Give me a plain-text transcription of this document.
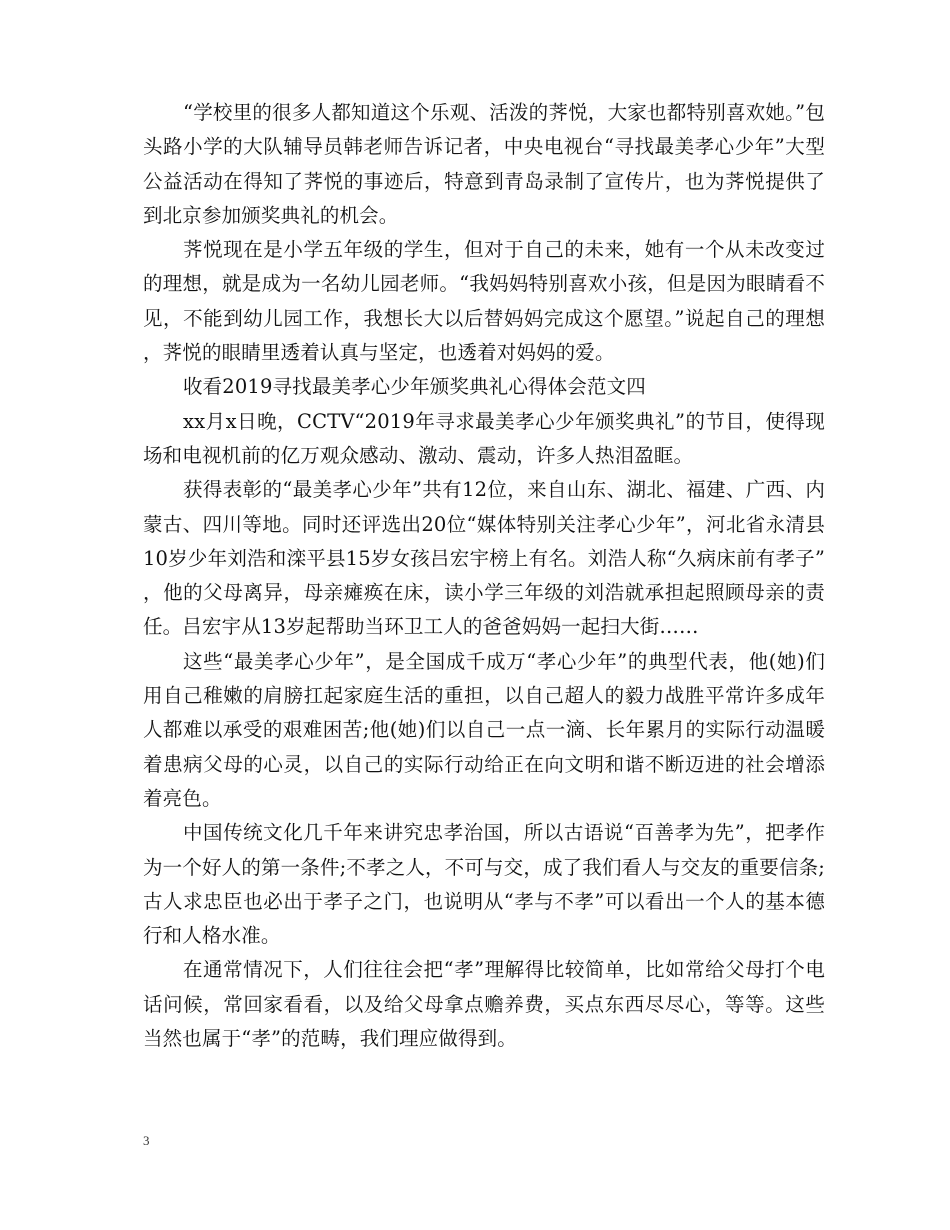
“学校里的很多人都知道这个乐观、活泼的荠悦，大家也都特别喜欢她。”包头路小学的大队辅导员韩老师告诉记者，中央电视台“寻找最美孝心少年”大型公益活动在得知了荠悦的事迹后，特意到青岛录制了宣传片，也为荠悦提供了到北京参加颁奖典礼的机会。

荠悦现在是小学五年级的学生，但对于自己的未来，她有一个从未改变过的理想，就是成为一名幼儿园老师。“我妈妈特别喜欢小孩，但是因为眼睛看不见，不能到幼儿园工作，我想长大以后替妈妈完成这个愿望。”说起自己的理想，荠悦的眼睛里透着认真与坚定，也透着对妈妈的爱。

收看2019寻找最美孝心少年颁奖典礼心得体会范文四

xx月x日晚，CCTV“2019年寻求最美孝心少年颁奖典礼”的节目，使得现场和电视机前的亿万观众感动、激动、震动，许多人热泪盈眶。

获得表彰的“最美孝心少年”共有12位，来自山东、湖北、福建、广西、内蒙古、四川等地。同时还评选出20位“媒体特别关注孝心少年”，河北省永清县10岁少年刘浩和滦平县15岁女孩吕宏宇榜上有名。刘浩人称“久病床前有孝子”，他的父母离异，母亲瘫痪在床，读小学三年级的刘浩就承担起照顾母亲的责任。吕宏宇从13岁起帮助当环卫工人的爸爸妈妈一起扫大街……

这些“最美孝心少年”，是全国成千成万“孝心少年”的典型代表，他(她)们用自己稚嫩的肩膀扛起家庭生活的重担，以自己超人的毅力战胜平常许多成年人都难以承受的艰难困苦;他(她)们以自己一点一滴、长年累月的实际行动温暖着患病父母的心灵，以自己的实际行动给正在向文明和谐不断迈进的社会增添着亮色。

中国传统文化几千年来讲究忠孝治国，所以古语说“百善孝为先”，把孝作为一个好人的第一条件;不孝之人，不可与交，成了我们看人与交友的重要信条;古人求忠臣也必出于孝子之门，也说明从“孝与不孝”可以看出一个人的基本德行和人格水准。

在通常情况下，人们往往会把“孝”理解得比较简单，比如常给父母打个电话问候，常回家看看，以及给父母拿点赡养费，买点东西尽尽心，等等。这些当然也属于“孝”的范畴，我们理应做得到。

3
